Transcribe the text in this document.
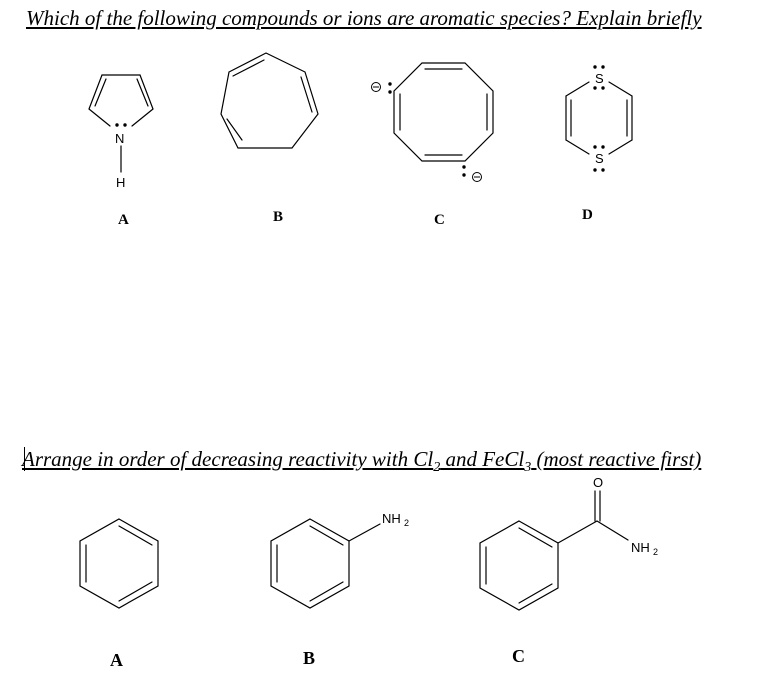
Which of the following compounds or ions are aromatic species? Explain briefly
Arrange in order of decreasing reactivity with $Cl_2$ and FeCl$_3$ (most reactive first)
A	B	C	D
A	B	C
N
H
S
S
NH 2
O
NH 2
